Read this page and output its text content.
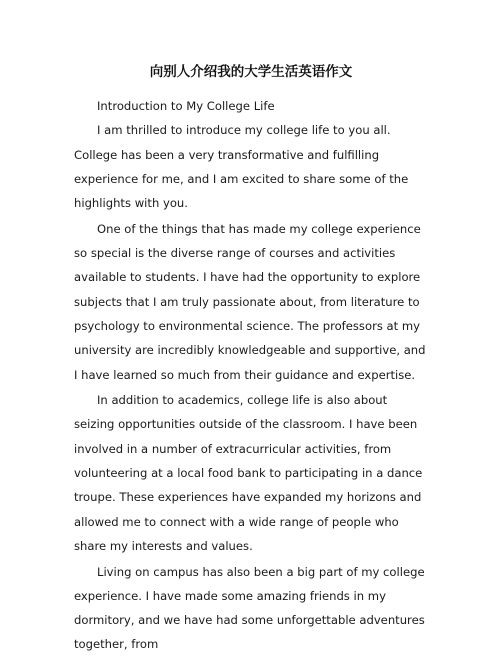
向别人介绍我的大学生活英语作文

Introduction to My College Life

I am thrilled to introduce my college life to you all. College has been a very transformative and fulfilling experience for me, and I am excited to share some of the highlights with you.

One of the things that has made my college experience so special is the diverse range of courses and activities available to students. I have had the opportunity to explore subjects that I am truly passionate about, from literature to psychology to environmental science. The professors at my university are incredibly knowledgeable and supportive, and I have learned so much from their guidance and expertise.

In addition to academics, college life is also about seizing opportunities outside of the classroom. I have been involved in a number of extracurricular activities, from volunteering at a local food bank to participating in a dance troupe. These experiences have expanded my horizons and allowed me to connect with a wide range of people who share my interests and values.

Living on campus has also been a big part of my college experience. I have made some amazing friends in my dormitory, and we have had some unforgettable adventures together, from
